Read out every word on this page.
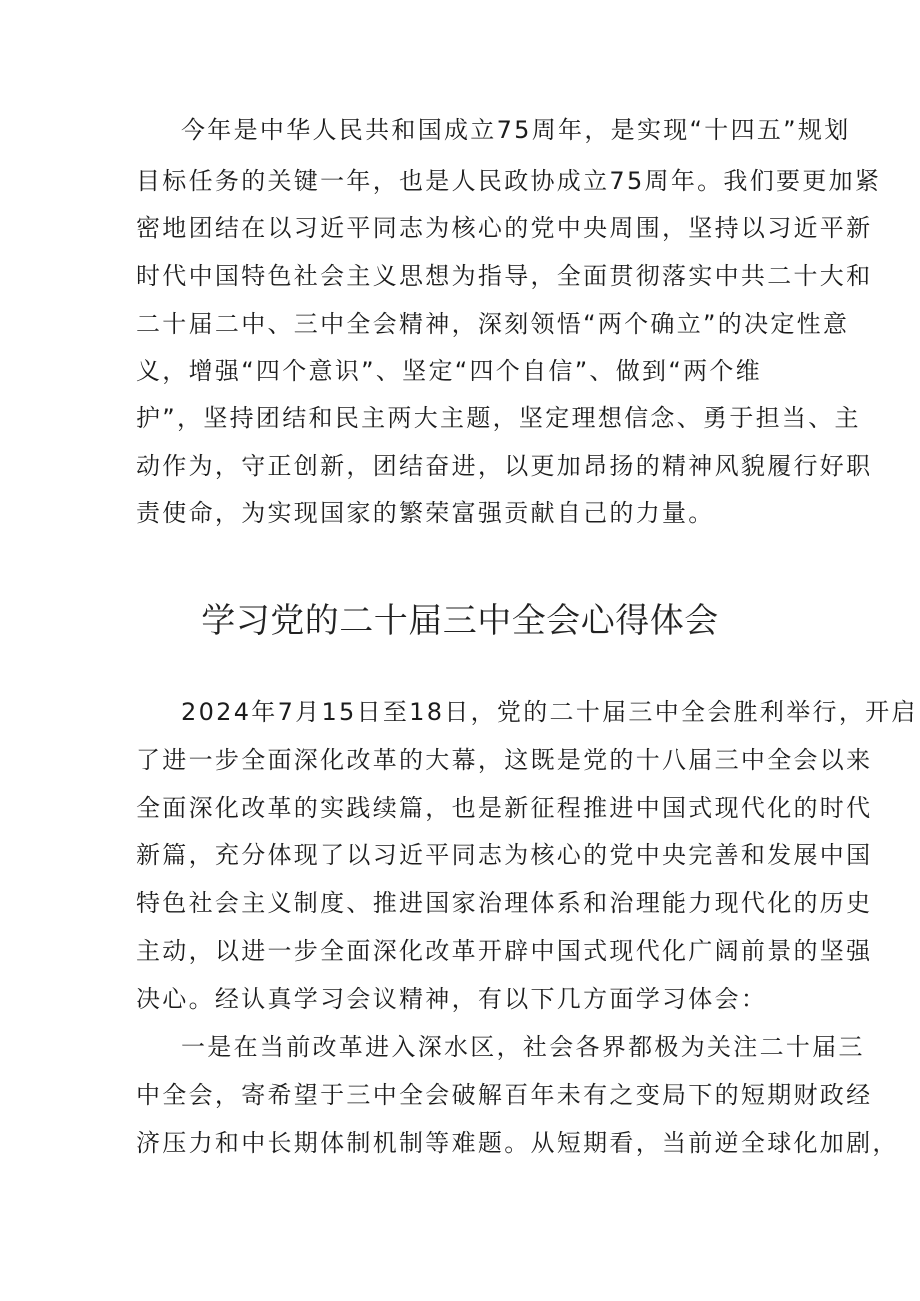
今年是中华人民共和国成立75周年，是实现“十四五”规划
目标任务的关键一年，也是人民政协成立75周年。我们要更加紧
密地团结在以习近平同志为核心的党中央周围，坚持以习近平新
时代中国特色社会主义思想为指导，全面贯彻落实中共二十大和
二十届二中、三中全会精神，深刻领悟“两个确立”的决定性意
义，增强“四个意识”、坚定“四个自信”、做到“两个维
护”，坚持团结和民主两大主题，坚定理想信念、勇于担当、主
动作为，守正创新，团结奋进，以更加昂扬的精神风貌履行好职
责使命，为实现国家的繁荣富强贡献自己的力量。
学习党的二十届三中全会心得体会
2024年7月15日至18日，党的二十届三中全会胜利举行，开启
了进一步全面深化改革的大幕，这既是党的十八届三中全会以来
全面深化改革的实践续篇，也是新征程推进中国式现代化的时代
新篇，充分体现了以习近平同志为核心的党中央完善和发展中国
特色社会主义制度、推进国家治理体系和治理能力现代化的历史
主动，以进一步全面深化改革开辟中国式现代化广阔前景的坚强
决心。经认真学习会议精神，有以下几方面学习体会：
一是在当前改革进入深水区，社会各界都极为关注二十届三
中全会，寄希望于三中全会破解百年未有之变局下的短期财政经
济压力和中长期体制机制等难题。从短期看，当前逆全球化加剧，
